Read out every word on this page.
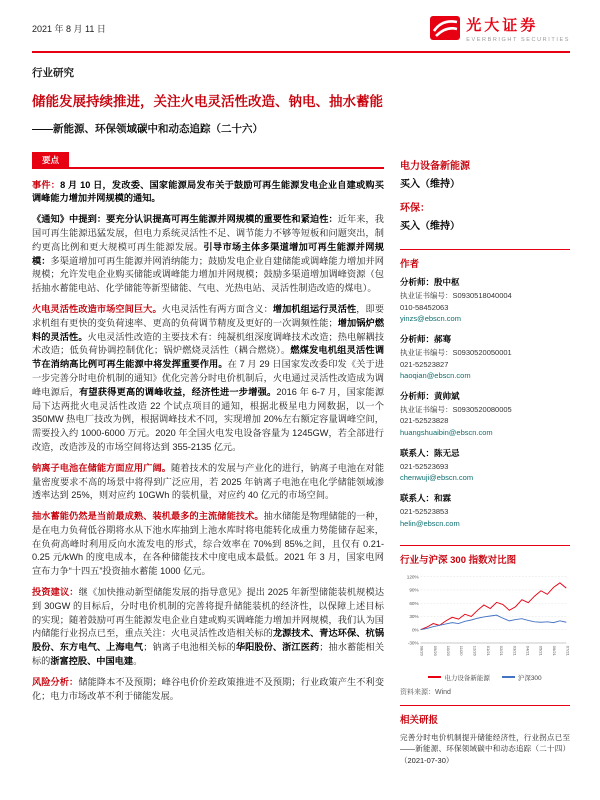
2021 年 8 月 11 日	光大证券
EVERBRIGHT SECURITIES
行业研究
储能发展持续推进，关注火电灵活性改造、钠电、抽水蓄能
——新能源、环保领域碳中和动态追踪（二十六）
要点

事件：8 月 10 日，发改委、国家能源局发布关于鼓励可再生能源发电企业自建或购买调峰能力增加并网规模的通知。

《通知》中提到：要充分认识提高可再生能源并网规模的重要性和紧迫性：近年来，我国可再生能源迅猛发展，但电力系统灵活性不足、调节能力不够等短板和问题突出，制约更高比例和更大规模可再生能源发展。引导市场主体多渠道增加可再生能源并网规模：多渠道增加可再生能源并网消纳能力；鼓励发电企业自建储能或调峰能力增加并网规模；允许发电企业购买储能或调峰能力增加并网规模；鼓励多渠道增加调峰资源（包括抽水蓄能电站、化学储能等新型储能、气电、光热电站、灵活性制造改造的煤电）。

火电灵活性改造市场空间巨大。火电灵活性有两方面含义：增加机组运行灵活性，即要求机组有更快的变负荷速率、更高的负荷调节精度及更好的一次调频性能；增加锅炉燃料的灵活性。火电灵活性改造的主要技术有：纯凝机组深度调峰技术改造；热电解耦技术改造；低负荷协调控制优化；锅炉燃烧灵活性（耦合燃烧）。燃煤发电机组灵活性调节在消纳高比例可再生能源中将发挥重要作用。在 7 月 29 日国家发改委印发《关于进一步完善分时电价机制的通知》优化完善分时电价机制后，火电通过灵活性改造成为调峰电源后，有望获得更高的调峰收益，经济性进一步增强。2016 年 6-7 月，国家能源局下达两批火电灵活性改造 22 个试点项目的通知，根据北极星电力网数据，以一个 350MW 热电厂技改为例，根据调峰技术不同，实现增加 20%左右额定容量调峰空间，需要投入约 1000-6000 万元。2020 年全国火电发电设备容量为 1245GW，若全部进行改造，改造涉及的市场空间将达到 355-2135 亿元。

钠离子电池在储能方面应用广阔。随着技术的发展与产业化的进行，钠离子电池在对能量密度要求不高的场景中将得到广泛应用，若 2025 年钠离子电池在电化学储能领域渗透率达到 25%，则对应约 10GWh 的装机量，对应约 40 亿元的市场空间。

抽水蓄能仍然是当前最成熟、装机最多的主流储能技术。抽水储能是物理储能的一种，是在电力负荷低谷期将水从下池水库抽到上池水库时将电能转化成重力势能储存起来，在负荷高峰时利用反向水流发电的形式，综合效率在 70%到 85%之间，且仅有 0.21-0.25 元/kWh 的度电成本，在各种储能技术中度电成本最低。2021 年 3 月，国家电网宣布力争“十四五”投资抽水蓄能 1000 亿元。

投资建议：继《加快推动新型储能发展的指导意见》提出 2025 年新型储能装机规模达到 30GW 的目标后，分时电价机制的完善将提升储能装机的经济性，以保障上述目标的实现；随着鼓励可再生能源发电企业自建或购买调峰能力增加并网规模，我们认为国内储能行业拐点已至，重点关注：火电灵活性改造相关标的龙源技术、青达环保、杭锅股份、东方电气、上海电气；钠离子电池相关标的华阳股份、浙江医药；抽水蓄能相关标的浙富控股、中国电建。

风险分析：储能降本不及预期；峰谷电价价差政策推进不及预期；行业政策产生不利变化；电力市场改革不利于储能发展。

电力设备新能源
买入（维持）
环保：
买入（维持）
作者
分析师：殷中枢
执业证书编号：S0930518040004
010-58452063
yinzs@ebscn.com
分析师：郝骞
执业证书编号：S0930520050001
021-52523827
haoqian@ebscn.com
分析师：黄帅斌
执业证书编号：S0930520080005
021-52523828
huangshuaibin@ebscn.com
联系人：陈无忌
021-52523693
chenwuji@ebscn.com
联系人：和霖
021-52523853
helin@ebscn.com
行业与沪深 300 指数对比图
120%
90%
60%
30%
0%
-30%
08/20 09/20 10/20 11/20 12/20 01/21 02/21 03/21 04/21 05/21 06/21 07/21
电力设备新能源	沪深300
资料来源：Wind
相关研报
完善分时电价机制提升储能经济性，行业拐点已至——新能源、环保领域碳中和动态追踪（二十四）（2021-07-30）
